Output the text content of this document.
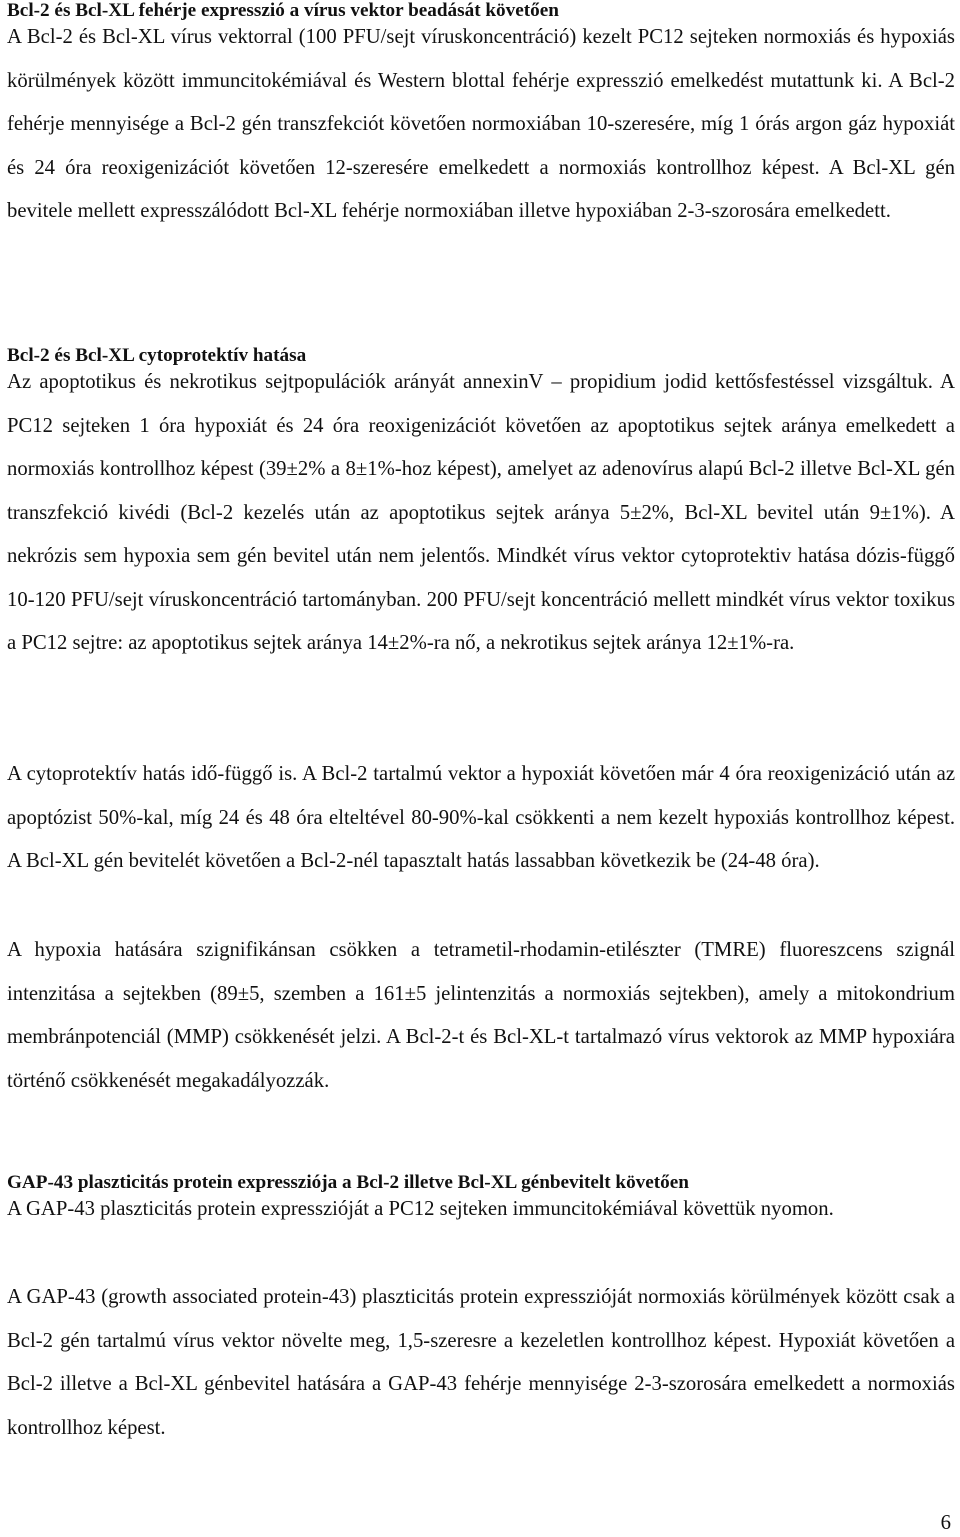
Bcl-2 és Bcl-XL fehérje expresszió a vírus vektor beadását követően

A Bcl-2 és Bcl-XL vírus vektorral (100 PFU/sejt víruskoncentráció) kezelt PC12 sejteken normoxiás és hypoxiás körülmények között immuncitokémiával és Western blottal fehérje expresszió emelkedést mutattunk ki. A Bcl-2 fehérje mennyisége a Bcl-2 gén transzfekciót követően normoxiában 10-szeresére, míg 1 órás argon gáz hypoxiát és 24 óra reoxigenizációt követően 12-szeresére emelkedett a normoxiás kontrollhoz képest. A Bcl-XL gén bevitele mellett expresszálódott Bcl-XL fehérje normoxiában illetve hypoxiában 2-3-szorosára emelkedett.

Bcl-2 és Bcl-XL cytoprotektív hatása

Az apoptotikus és nekrotikus sejtpopulációk arányát annexinV – propidium jodid kettősfestéssel vizsgáltuk. A PC12 sejteken 1 óra hypoxiát és 24 óra reoxigenizációt követően az apoptotikus sejtek aránya emelkedett a normoxiás kontrollhoz képest (39±2% a 8±1%-hoz képest), amelyet az adenovírus alapú Bcl-2 illetve Bcl-XL gén transzfekció kivédi (Bcl-2 kezelés után az apoptotikus sejtek aránya 5±2%, Bcl-XL bevitel után 9±1%). A nekrózis sem hypoxia sem gén bevitel után nem jelentős. Mindkét vírus vektor cytoprotektiv hatása dózis-függő 10-120 PFU/sejt víruskoncentráció tartományban. 200 PFU/sejt koncentráció mellett mindkét vírus vektor toxikus a PC12 sejtre: az apoptotikus sejtek aránya 14±2%-ra nő, a nekrotikus sejtek aránya 12±1%-ra.

A cytoprotektív hatás idő-függő is. A Bcl-2 tartalmú vektor a hypoxiát követően már 4 óra reoxigenizáció után az apoptózist 50%-kal, míg 24 és 48 óra elteltével 80-90%-kal csökkenti a nem kezelt hypoxiás kontrollhoz képest. A Bcl-XL gén bevitelét követően a Bcl-2-nél tapasztalt hatás lassabban következik be (24-48 óra).

A hypoxia hatására szignifikánsan csökken a tetrametil-rhodamin-etilészter (TMRE) fluoreszcens szignál intenzitása a sejtekben (89±5, szemben a 161±5 jelintenzitás a normoxiás sejtekben), amely a mitokondrium membránpotenciál (MMP) csökkenését jelzi. A Bcl-2-t és Bcl-XL-t tartalmazó vírus vektorok az MMP hypoxiára történő csökkenését megakadályozzák.

GAP-43 plaszticitás protein expressziója a Bcl-2 illetve Bcl-XL génbevitelt követően

A GAP-43 plaszticitás protein expresszióját a PC12 sejteken immuncitokémiával követtük nyomon.

A GAP-43 (growth associated protein-43) plaszticitás protein expresszióját normoxiás körülmények között csak a Bcl-2 gén tartalmú vírus vektor növelte meg, 1,5-szeresre a kezeletlen kontrollhoz képest. Hypoxiát követően a Bcl-2 illetve a Bcl-XL génbevitel hatására a GAP-43 fehérje mennyisége 2-3-szorosára emelkedett a normoxiás kontrollhoz képest.

6
